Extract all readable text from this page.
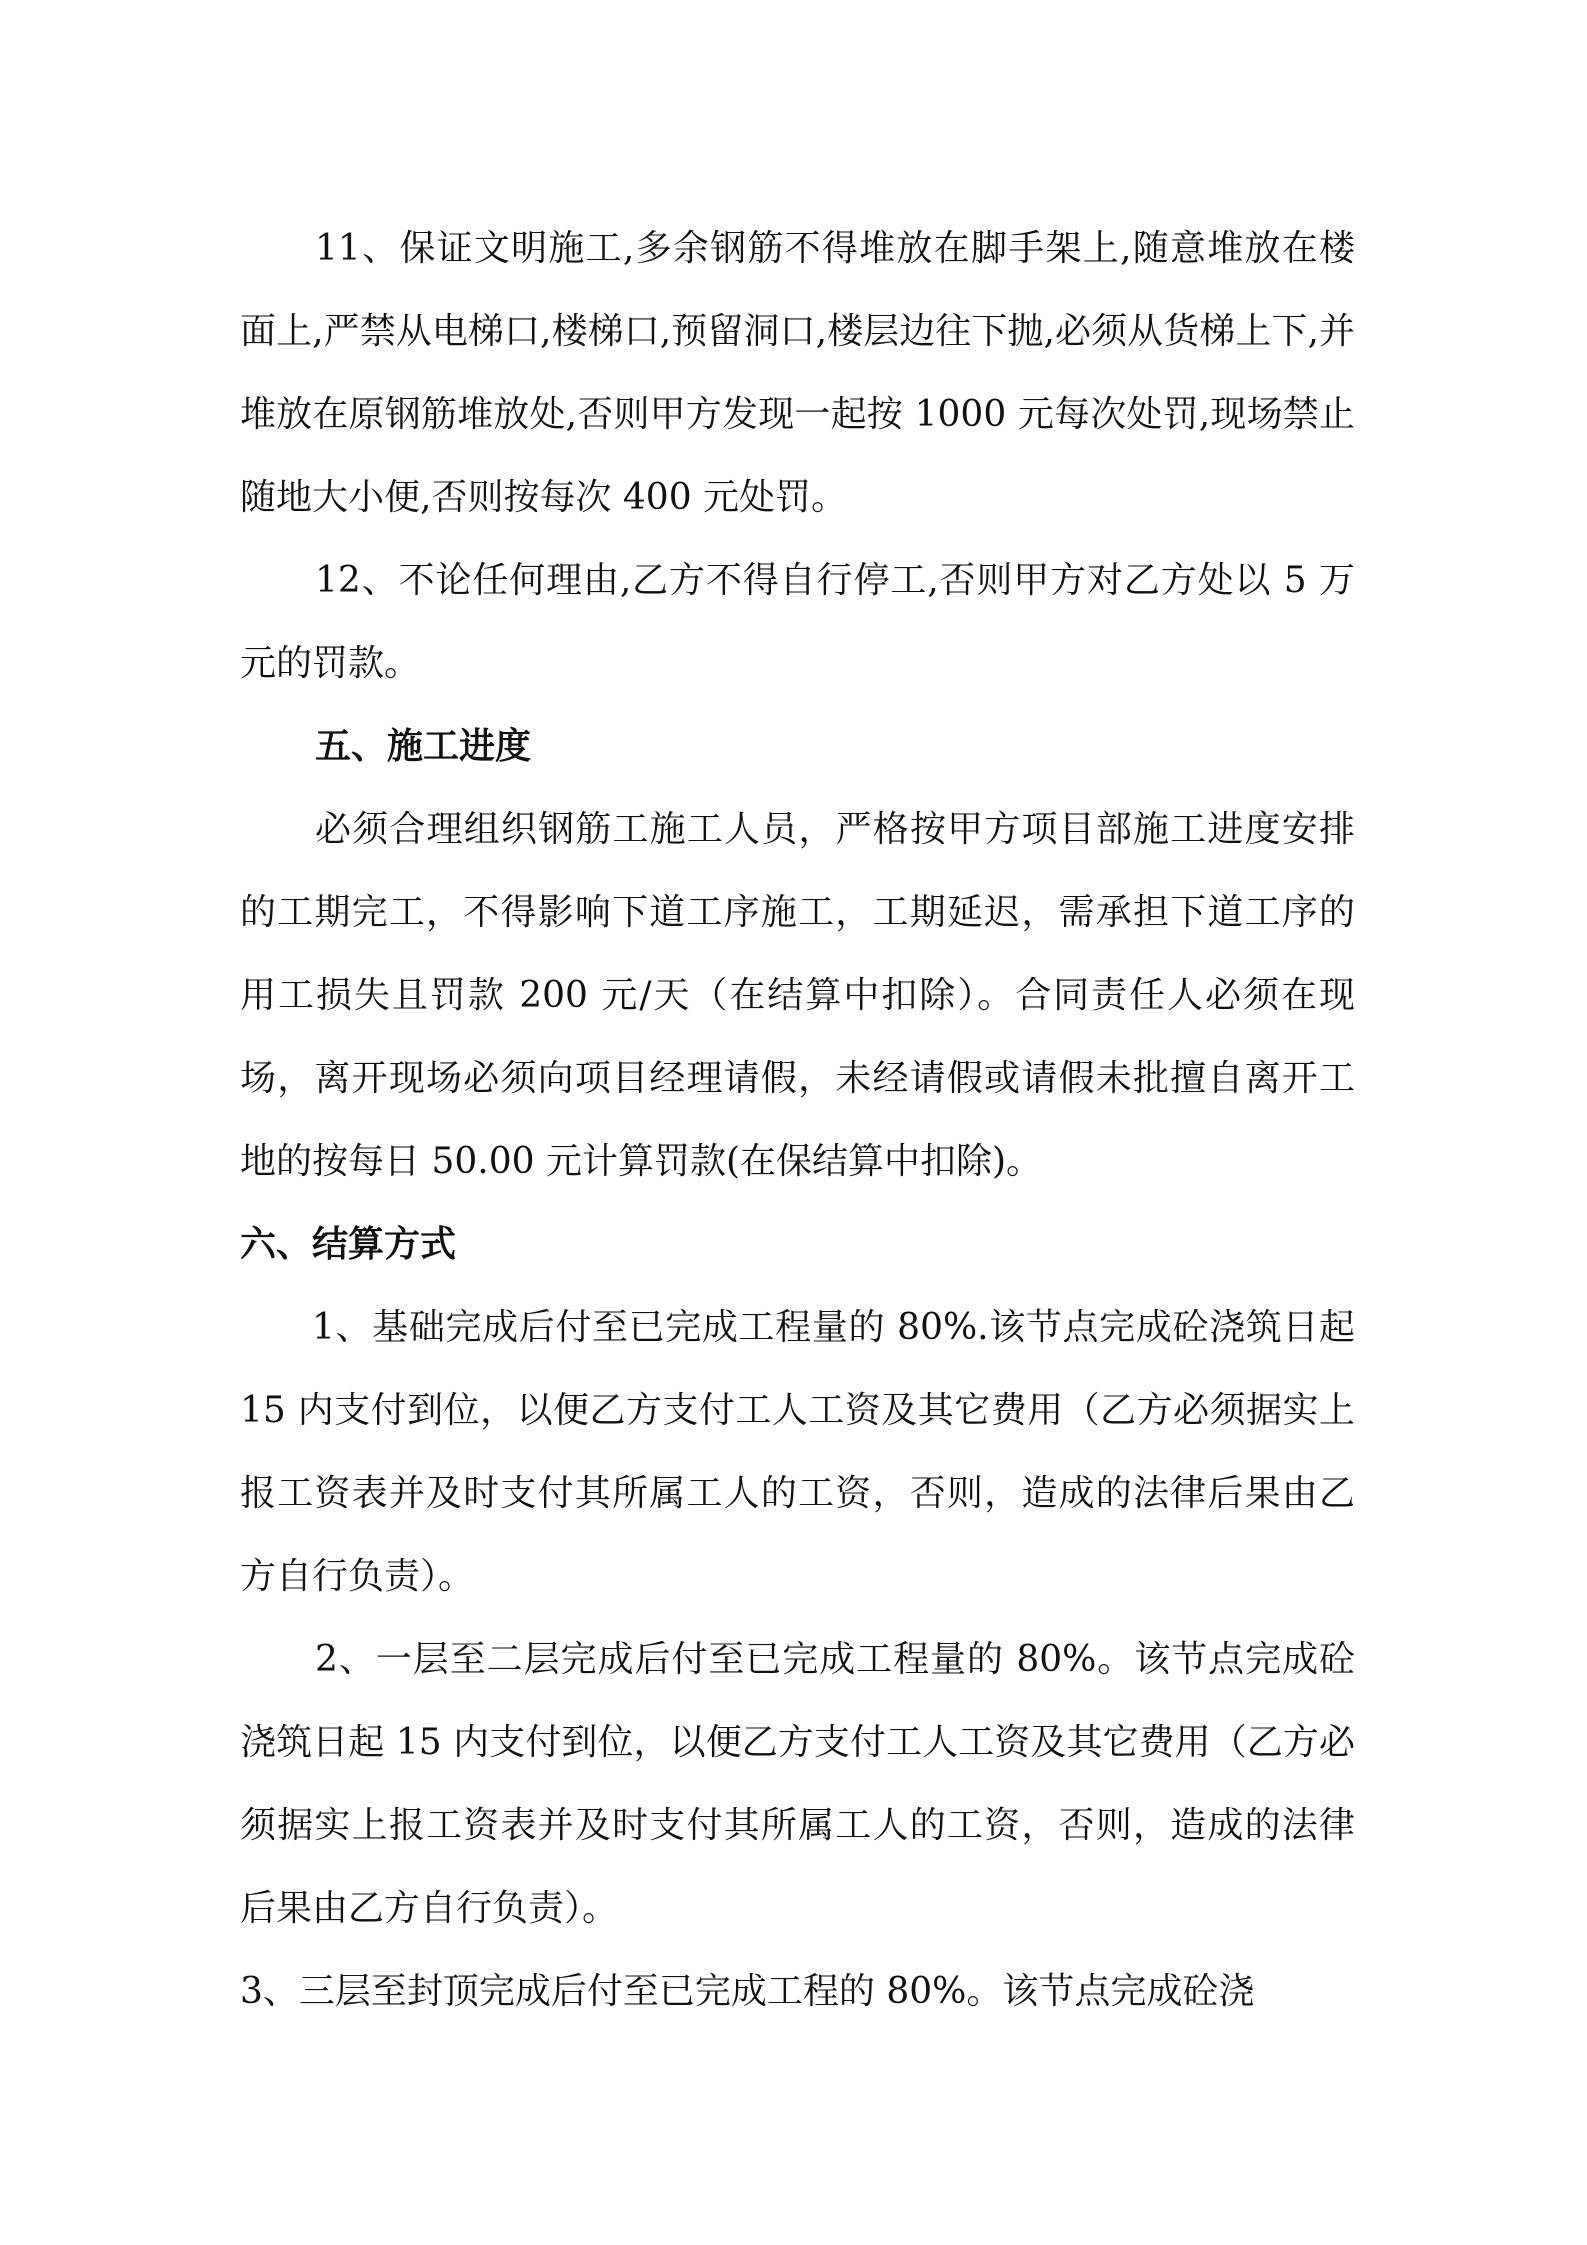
11、保证文明施工,多余钢筋不得堆放在脚手架上,随意堆放在楼面上,严禁从电梯口,楼梯口,预留洞口,楼层边往下抛,必须从货梯上下,并堆放在原钢筋堆放处,否则甲方发现一起按 1000 元每次处罚,现场禁止随地大小便,否则按每次 400 元处罚。

12、不论任何理由,乙方不得自行停工,否则甲方对乙方处以 5 万元的罚款。

五、施工进度

必须合理组织钢筋工施工人员，严格按甲方项目部施工进度安排的工期完工，不得影响下道工序施工，工期延迟，需承担下道工序的用工损失且罚款 200 元/天（在结算中扣除）。合同责任人必须在现场，离开现场必须向项目经理请假，未经请假或请假未批擅自离开工地的按每日 50.00 元计算罚款(在保结算中扣除)。

六、结算方式

1、基础完成后付至已完成工程量的 80%.该节点完成砼浇筑日起 15 内支付到位，以便乙方支付工人工资及其它费用（乙方必须据实上报工资表并及时支付其所属工人的工资，否则，造成的法律后果由乙方自行负责）。

2、一层至二层完成后付至已完成工程量的 80%。该节点完成砼浇筑日起 15 内支付到位，以便乙方支付工人工资及其它费用（乙方必须据实上报工资表并及时支付其所属工人的工资，否则，造成的法律后果由乙方自行负责）。

3、三层至封顶完成后付至已完成工程的 80%。该节点完成砼浇
